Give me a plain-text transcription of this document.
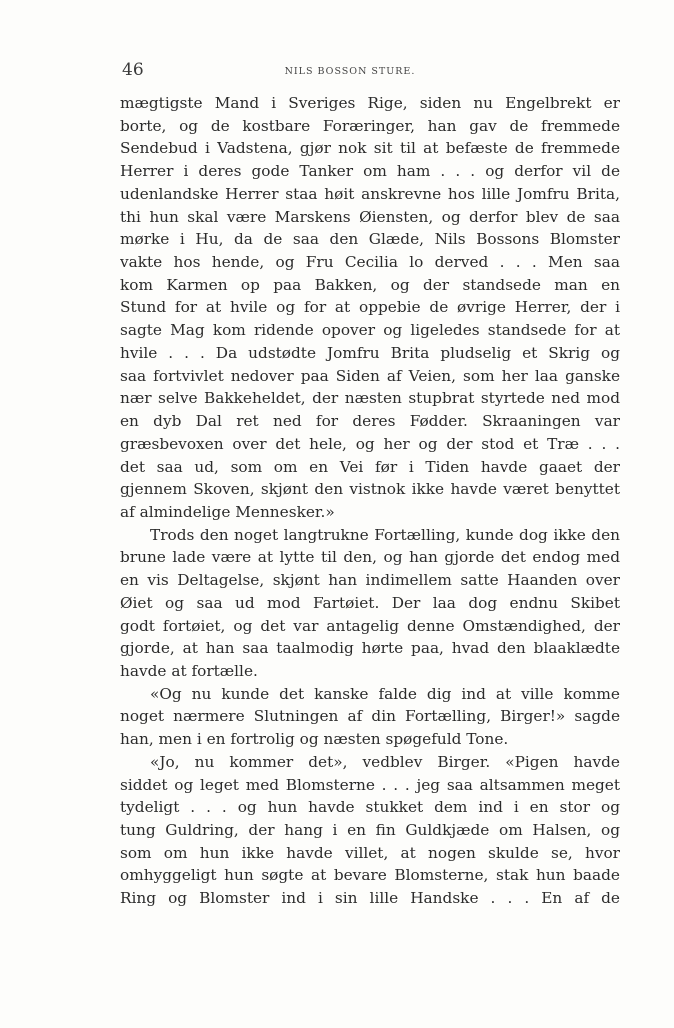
46	NILS BOSSON STURE.
mægtigste Mand i Sveriges Rige, siden nu Engelbrekt er
borte, og de kostbare Foræringer, han gav de fremmede
Sendebud i Vadstena, gjør nok sit til at befæste de fremmede
Herrer i deres gode Tanker om ham . . . og derfor vil de
udenlandske Herrer staa høit anskrevne hos lille Jomfru Brita,
thi hun skal være Marskens Øiensten, og derfor blev de saa
mørke i Hu, da de saa den Glæde, Nils Bossons Blomster
vakte hos hende, og Fru Cecilia lo derved . . . Men saa
kom Karmen op paa Bakken, og der standsede man en
Stund for at hvile og for at oppebie de øvrige Herrer, der i
sagte Mag kom ridende opover og ligeledes standsede for at
hvile . . . Da udstødte Jomfru Brita pludselig et Skrig og
saa fortvivlet nedover paa Siden af Veien, som her laa ganske
nær selve Bakkeheldet, der næsten stupbrat styrtede ned mod
en dyb Dal ret ned for deres Fødder. Skraaningen var
græsbevoxen over det hele, og her og der stod et Træ . . .
det saa ud, som om en Vei før i Tiden havde gaaet der
gjennem Skoven, skjønt den vistnok ikke havde været benyttet
af almindelige Mennesker.»
Trods den noget langtrukne Fortælling, kunde dog ikke den
brune lade være at lytte til den, og han gjorde det endog med
en vis Deltagelse, skjønt han indimellem satte Haanden over
Øiet og saa ud mod Fartøiet. Der laa dog endnu Skibet
godt fortøiet, og det var antagelig denne Omstændighed, der
gjorde, at han saa taalmodig hørte paa, hvad den blaaklædte
havde at fortælle.
«Og nu kunde det kanske falde dig ind at ville komme
noget nærmere Slutningen af din Fortælling, Birger!» sagde
han, men i en fortrolig og næsten spøgefuld Tone.
«Jo, nu kommer det», vedblev Birger. «Pigen havde
siddet og leget med Blomsterne . . . jeg saa altsammen meget
tydeligt . . . og hun havde stukket dem ind i en stor og
tung Guldring, der hang i en fin Guldkjæde om Halsen, og
som om hun ikke havde villet, at nogen skulde se, hvor
omhyggeligt hun søgte at bevare Blomsterne, stak hun baade
Ring og Blomster ind i sin lille Handske . . . En af de
